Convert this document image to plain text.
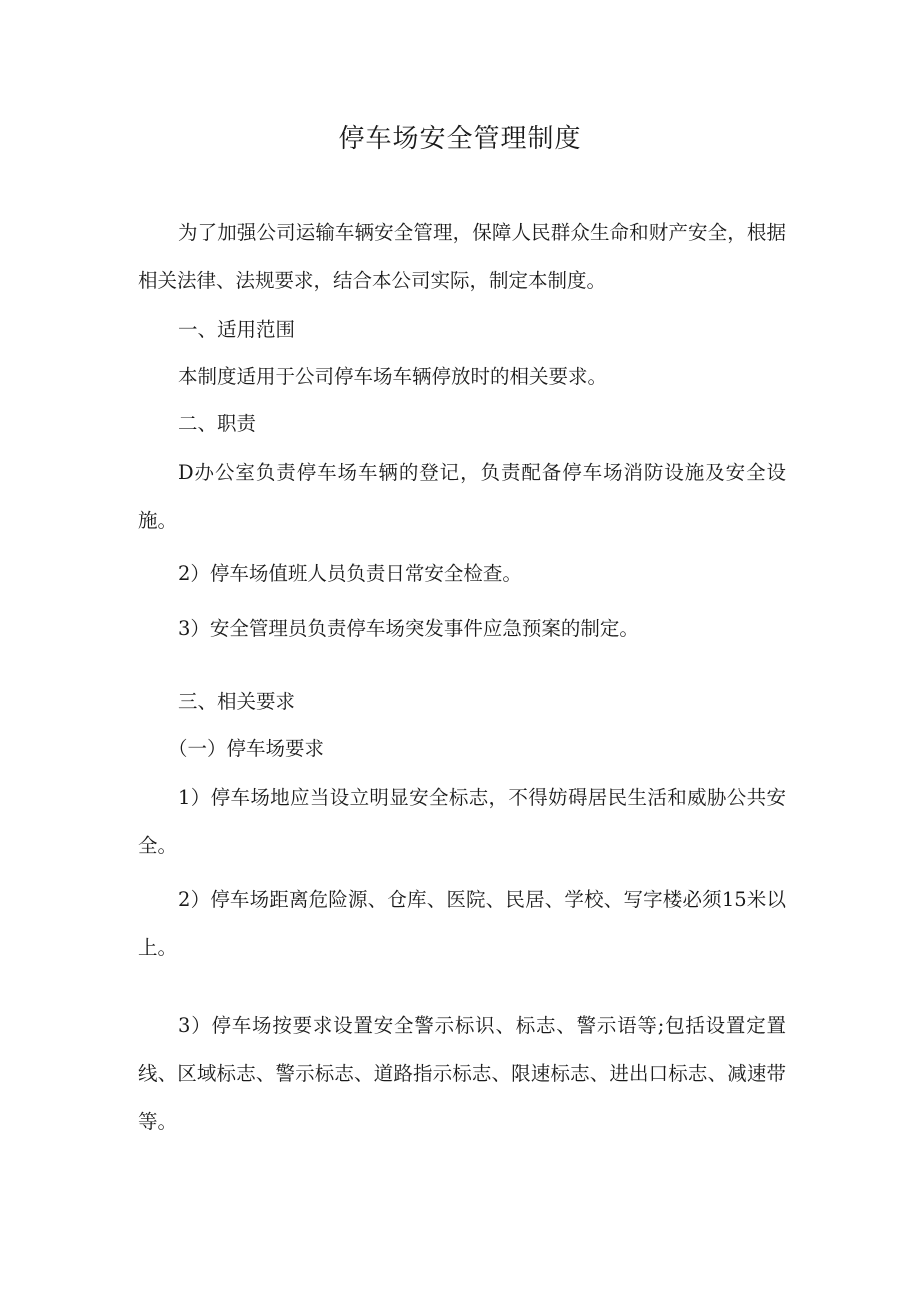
停车场安全管理制度

为了加强公司运输车辆安全管理，保障人民群众生命和财产安全，根据相关法律、法规要求，结合本公司实际，制定本制度。

一、适用范围

本制度适用于公司停车场车辆停放时的相关要求。

二、职责

D办公室负责停车场车辆的登记，负责配备停车场消防设施及安全设施。

2）停车场值班人员负责日常安全检查。

3）安全管理员负责停车场突发事件应急预案的制定。

三、相关要求

（一）停车场要求

1）停车场地应当设立明显安全标志，不得妨碍居民生活和威胁公共安全。

2）停车场距离危险源、仓库、医院、民居、学校、写字楼必须15米以上。

3）停车场按要求设置安全警示标识、标志、警示语等;包括设置定置线、区域标志、警示标志、道路指示标志、限速标志、进出口标志、减速带等。
